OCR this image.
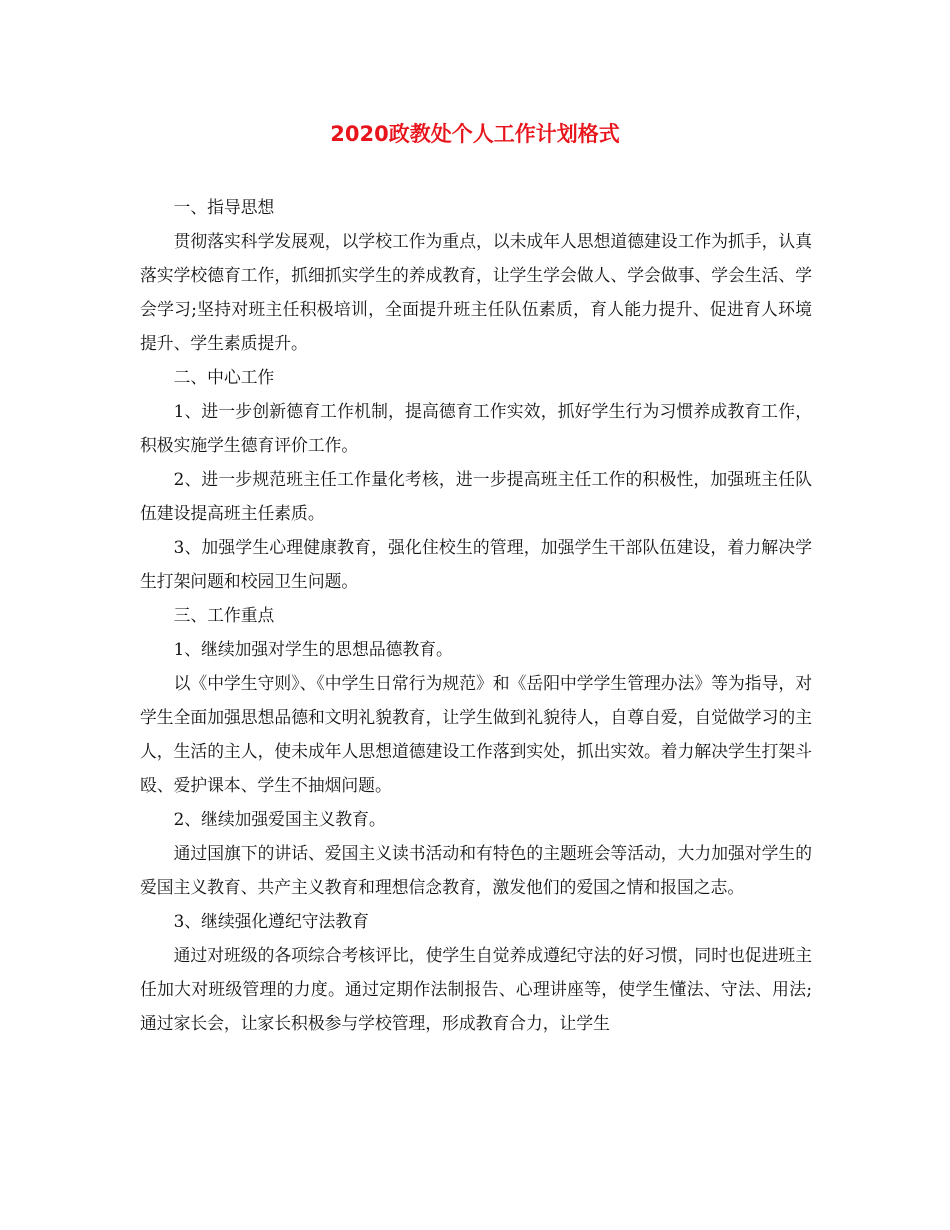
2020政教处个人工作计划格式

一、指导思想

贯彻落实科学发展观，以学校工作为重点，以未成年人思想道德建设工作为抓手，认真落实学校德育工作，抓细抓实学生的养成教育，让学生学会做人、学会做事、学会生活、学会学习;坚持对班主任积极培训，全面提升班主任队伍素质，育人能力提升、促进育人环境提升、学生素质提升。

二、中心工作

1、进一步创新德育工作机制，提高德育工作实效，抓好学生行为习惯养成教育工作，积极实施学生德育评价工作。

2、进一步规范班主任工作量化考核，进一步提高班主任工作的积极性，加强班主任队伍建设提高班主任素质。

3、加强学生心理健康教育，强化住校生的管理，加强学生干部队伍建设，着力解决学生打架问题和校园卫生问题。

三、工作重点

1、继续加强对学生的思想品德教育。

以《中学生守则》、《中学生日常行为规范》和《岳阳中学学生管理办法》等为指导，对学生全面加强思想品德和文明礼貌教育，让学生做到礼貌待人，自尊自爱，自觉做学习的主人，生活的主人，使未成年人思想道德建设工作落到实处，抓出实效。着力解决学生打架斗殴、爱护课本、学生不抽烟问题。

2、继续加强爱国主义教育。

通过国旗下的讲话、爱国主义读书活动和有特色的主题班会等活动，大力加强对学生的爱国主义教育、共产主义教育和理想信念教育，激发他们的爱国之情和报国之志。

3、继续强化遵纪守法教育

通过对班级的各项综合考核评比，使学生自觉养成遵纪守法的好习惯，同时也促进班主任加大对班级管理的力度。通过定期作法制报告、心理讲座等，使学生懂法、守法、用法;通过家长会，让家长积极参与学校管理，形成教育合力，让学生
